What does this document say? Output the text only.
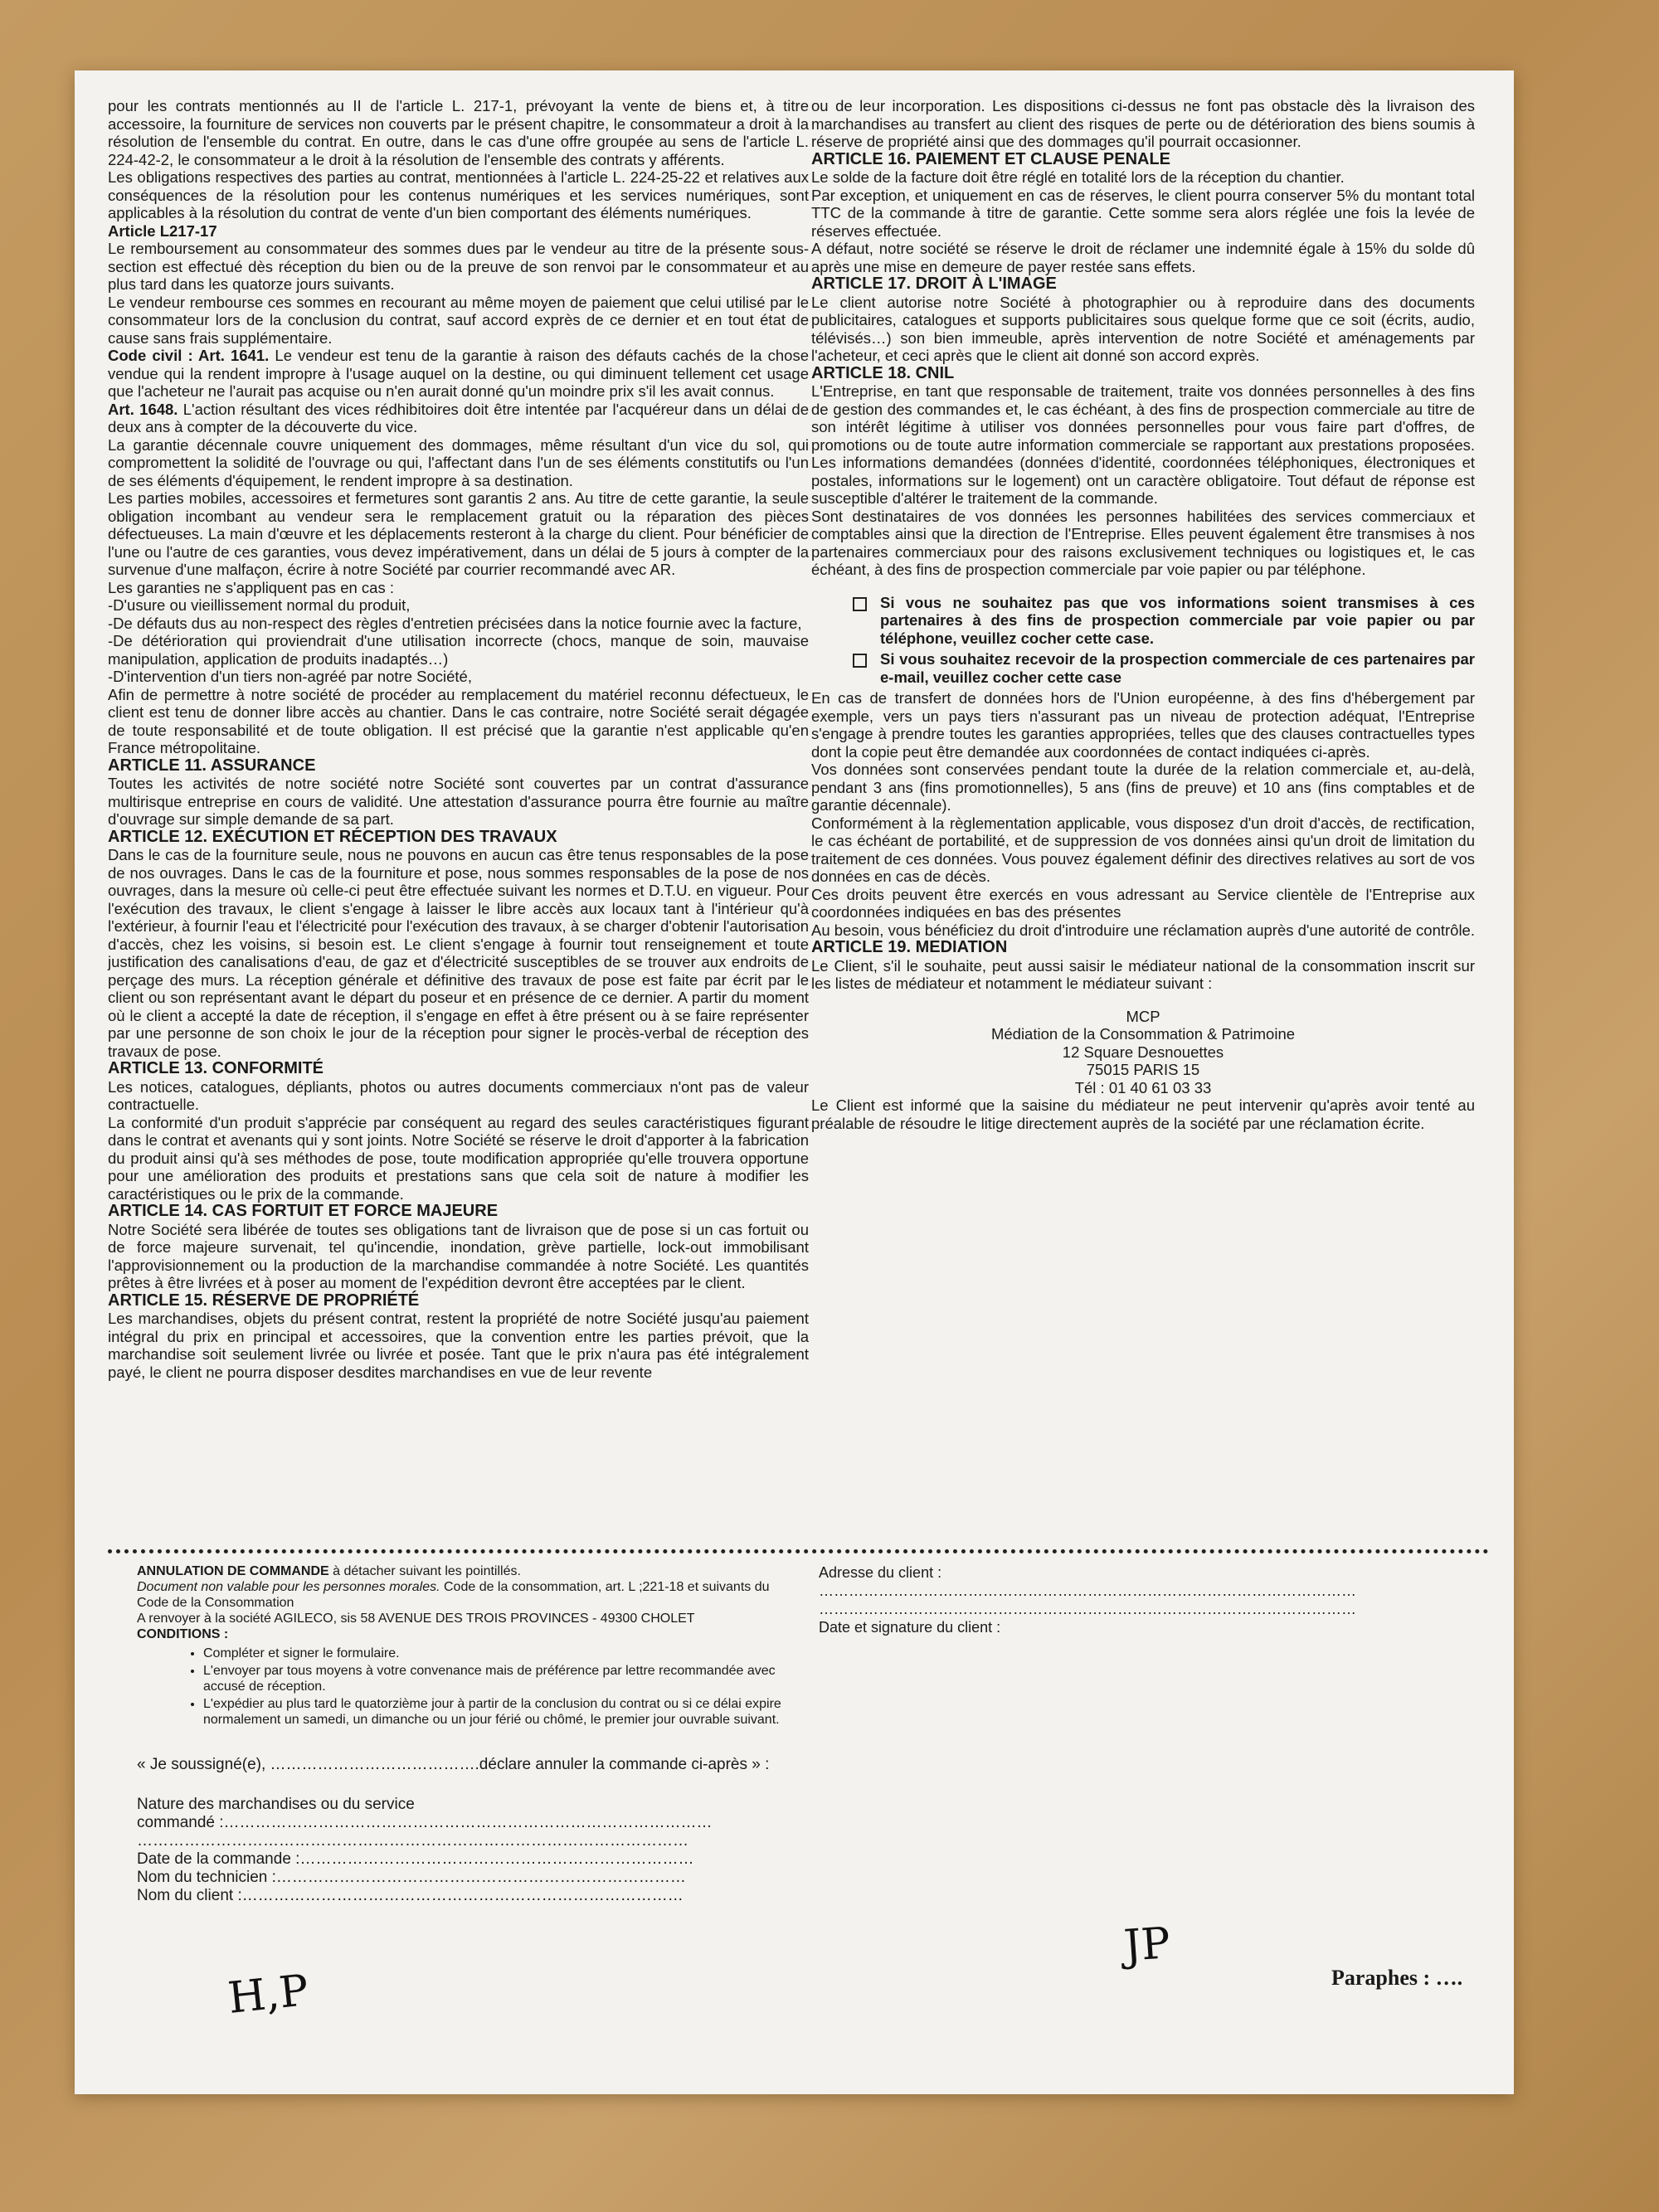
pour les contrats mentionnés au II de l'article L. 217-1, prévoyant la vente de biens et, à titre accessoire, la fourniture de services non couverts par le présent chapitre, le consommateur a droit à la résolution de l'ensemble du contrat. En outre, dans le cas d'une offre groupée au sens de l'article L. 224-42-2, le consommateur a le droit à la résolution de l'ensemble des contrats y afférents.

Les obligations respectives des parties au contrat, mentionnées à l'article L. 224-25-22 et relatives aux conséquences de la résolution pour les contenus numériques et les services numériques, sont applicables à la résolution du contrat de vente d'un bien comportant des éléments numériques.

Article L217-17

Le remboursement au consommateur des sommes dues par le vendeur au titre de la présente sous-section est effectué dès réception du bien ou de la preuve de son renvoi par le consommateur et au plus tard dans les quatorze jours suivants.

Le vendeur rembourse ces sommes en recourant au même moyen de paiement que celui utilisé par le consommateur lors de la conclusion du contrat, sauf accord exprès de ce dernier et en tout état de cause sans frais supplémentaire.

Code civil : Art. 1641. Le vendeur est tenu de la garantie à raison des défauts cachés de la chose vendue qui la rendent impropre à l'usage auquel on la destine, ou qui diminuent tellement cet usage que l'acheteur ne l'aurait pas acquise ou n'en aurait donné qu'un moindre prix s'il les avait connus.

Art. 1648. L'action résultant des vices rédhibitoires doit être intentée par l'acquéreur dans un délai de deux ans à compter de la découverte du vice.

La garantie décennale couvre uniquement des dommages, même résultant d'un vice du sol, qui compromettent la solidité de l'ouvrage ou qui, l'affectant dans l'un de ses éléments constitutifs ou l'un de ses éléments d'équipement, le rendent impropre à sa destination.

Les parties mobiles, accessoires et fermetures sont garantis 2 ans. Au titre de cette garantie, la seule obligation incombant au vendeur sera le remplacement gratuit ou la réparation des pièces défectueuses. La main d'œuvre et les déplacements resteront à la charge du client. Pour bénéficier de l'une ou l'autre de ces garanties, vous devez impérativement, dans un délai de 5 jours à compter de la survenue d'une malfaçon, écrire à notre Société par courrier recommandé avec AR.

Les garanties ne s'appliquent pas en cas :

-D'usure ou vieillissement normal du produit,

-De défauts dus au non-respect des règles d'entretien précisées dans la notice fournie avec la facture,

-De détérioration qui proviendrait d'une utilisation incorrecte (chocs, manque de soin, mauvaise manipulation, application de produits inadaptés…)

-D'intervention d'un tiers non-agréé par notre Société,

Afin de permettre à notre société de procéder au remplacement du matériel reconnu défectueux, le client est tenu de donner libre accès au chantier. Dans le cas contraire, notre Société serait dégagée de toute responsabilité et de toute obligation. Il est précisé que la garantie n'est applicable qu'en France métropolitaine.

ARTICLE 11. ASSURANCE

Toutes les activités de notre société notre Société sont couvertes par un contrat d'assurance multirisque entreprise en cours de validité. Une attestation d'assurance pourra être fournie au maître d'ouvrage sur simple demande de sa part.

ARTICLE 12. EXÉCUTION ET RÉCEPTION DES TRAVAUX

Dans le cas de la fourniture seule, nous ne pouvons en aucun cas être tenus responsables de la pose de nos ouvrages. Dans le cas de la fourniture et pose, nous sommes responsables de la pose de nos ouvrages, dans la mesure où celle-ci peut être effectuée suivant les normes et D.T.U. en vigueur. Pour l'exécution des travaux, le client s'engage à laisser le libre accès aux locaux tant à l'intérieur qu'à l'extérieur, à fournir l'eau et l'électricité pour l'exécution des travaux, à se charger d'obtenir l'autorisation d'accès, chez les voisins, si besoin est. Le client s'engage à fournir tout renseignement et toute justification des canalisations d'eau, de gaz et d'électricité susceptibles de se trouver aux endroits de perçage des murs. La réception générale et définitive des travaux de pose est faite par écrit par le client ou son représentant avant le départ du poseur et en présence de ce dernier. A partir du moment où le client a accepté la date de réception, il s'engage en effet à être présent ou à se faire représenter par une personne de son choix le jour de la réception pour signer le procès-verbal de réception des travaux de pose.

ARTICLE 13. CONFORMITÉ

Les notices, catalogues, dépliants, photos ou autres documents commerciaux n'ont pas de valeur contractuelle.

La conformité d'un produit s'apprécie par conséquent au regard des seules caractéristiques figurant dans le contrat et avenants qui y sont joints. Notre Société se réserve le droit d'apporter à la fabrication du produit ainsi qu'à ses méthodes de pose, toute modification appropriée qu'elle trouvera opportune pour une amélioration des produits et prestations sans que cela soit de nature à modifier les caractéristiques ou le prix de la commande.

ARTICLE 14. CAS FORTUIT ET FORCE MAJEURE

Notre Société sera libérée de toutes ses obligations tant de livraison que de pose si un cas fortuit ou de force majeure survenait, tel qu'incendie, inondation, grève partielle, lock-out immobilisant l'approvisionnement ou la production de la marchandise commandée à notre Société. Les quantités prêtes à être livrées et à poser au moment de l'expédition devront être acceptées par le client.

ARTICLE 15. RÉSERVE DE PROPRIÉTÉ

Les marchandises, objets du présent contrat, restent la propriété de notre Société jusqu'au paiement intégral du prix en principal et accessoires, que la convention entre les parties prévoit, que la marchandise soit seulement livrée ou livrée et posée. Tant que le prix n'aura pas été intégralement payé, le client ne pourra disposer desdites marchandises en vue de leur revente

ou de leur incorporation. Les dispositions ci-dessus ne font pas obstacle dès la livraison des marchandises au transfert au client des risques de perte ou de détérioration des biens soumis à réserve de propriété ainsi que des dommages qu'il pourrait occasionner.

ARTICLE 16. PAIEMENT ET CLAUSE PENALE

Le solde de la facture doit être réglé en totalité lors de la réception du chantier.

Par exception, et uniquement en cas de réserves, le client pourra conserver 5% du montant total TTC de la commande à titre de garantie. Cette somme sera alors réglée une fois la levée de réserves effectuée.

A défaut, notre société se réserve le droit de réclamer une indemnité égale à 15% du solde dû après une mise en demeure de payer restée sans effets.

ARTICLE 17. DROIT À L'IMAGE

Le client autorise notre Société à photographier ou à reproduire dans des documents publicitaires, catalogues et supports publicitaires sous quelque forme que ce soit (écrits, audio, télévisés…) son bien immeuble, après intervention de notre Société et aménagements par l'acheteur, et ceci après que le client ait donné son accord exprès.

ARTICLE 18. CNIL

L'Entreprise, en tant que responsable de traitement, traite vos données personnelles à des fins de gestion des commandes et, le cas échéant, à des fins de prospection commerciale au titre de son intérêt légitime à utiliser vos données personnelles pour vous faire part d'offres, de promotions ou de toute autre information commerciale se rapportant aux prestations proposées. Les informations demandées (données d'identité, coordonnées téléphoniques, électroniques et postales, informations sur le logement) ont un caractère obligatoire. Tout défaut de réponse est susceptible d'altérer le traitement de la commande.

Sont destinataires de vos données les personnes habilitées des services commerciaux et comptables ainsi que la direction de l'Entreprise. Elles peuvent également être transmises à nos partenaires commerciaux pour des raisons exclusivement techniques ou logistiques et, le cas échéant, à des fins de prospection commerciale par voie papier ou par téléphone.

Si vous ne souhaitez pas que vos informations soient transmises à ces partenaires à des fins de prospection commerciale par voie papier ou par téléphone, veuillez cocher cette case.
Si vous souhaitez recevoir de la prospection commerciale de ces partenaires par e-mail, veuillez cocher cette case

En cas de transfert de données hors de l'Union européenne, à des fins d'hébergement par exemple, vers un pays tiers n'assurant pas un niveau de protection adéquat, l'Entreprise s'engage à prendre toutes les garanties appropriées, telles que des clauses contractuelles types dont la copie peut être demandée aux coordonnées de contact indiquées ci-après.

Vos données sont conservées pendant toute la durée de la relation commerciale et, au-delà, pendant 3 ans (fins promotionnelles), 5 ans (fins de preuve) et 10 ans (fins comptables et de garantie décennale).

Conformément à la règlementation applicable, vous disposez d'un droit d'accès, de rectification, le cas échéant de portabilité, et de suppression de vos données ainsi qu'un droit de limitation du traitement de ces données. Vous pouvez également définir des directives relatives au sort de vos données en cas de décès.

Ces droits peuvent être exercés en vous adressant au Service clientèle de l'Entreprise aux coordonnées indiquées en bas des présentes

Au besoin, vous bénéficiez du droit d'introduire une réclamation auprès d'une autorité de contrôle.

ARTICLE 19. MEDIATION

Le Client, s'il le souhaite, peut aussi saisir le médiateur national de la consommation inscrit sur les listes de médiateur et notamment le médiateur suivant :

MCP

Médiation de la Consommation & Patrimoine

12 Square Desnouettes

75015 PARIS 15

Tél : 01 40 61 03 33

Le Client est informé que la saisine du médiateur ne peut intervenir qu'après avoir tenté au préalable de résoudre le litige directement auprès de la société par une réclamation écrite.

ANNULATION DE COMMANDE à détacher suivant les pointillés.

Document non valable pour les personnes morales. Code de la consommation, art. L ;221-18 et suivants du Code de la Consommation

A renvoyer à la société AGILECO, sis 58 AVENUE DES TROIS PROVINCES - 49300 CHOLET

CONDITIONS :

• Compléter et signer le formulaire.
• L'envoyer par tous moyens à votre convenance mais de préférence par lettre recommandée avec accusé de réception.
• L'expédier au plus tard le quatorzième jour à partir de la conclusion du contrat ou si ce délai expire normalement un samedi, un dimanche ou un jour férié ou chômé, le premier jour ouvrable suivant.

« Je soussigné(e), ………………………………….déclare annuler la commande ci-après » :

Nature des marchandises ou du service

commandé :…………………………………………………………………………………

……………………………………………………………………………………………

Date de la commande :…………………………………………………………………

Nom du technicien :……………………………………………………………………

Nom du client :…………………………………………………………………………

Adresse du client :

………………………………………………………………………………………………

………………………………………………………………………………………………

Date et signature du client :

H,P
JP
Paraphes : ….
